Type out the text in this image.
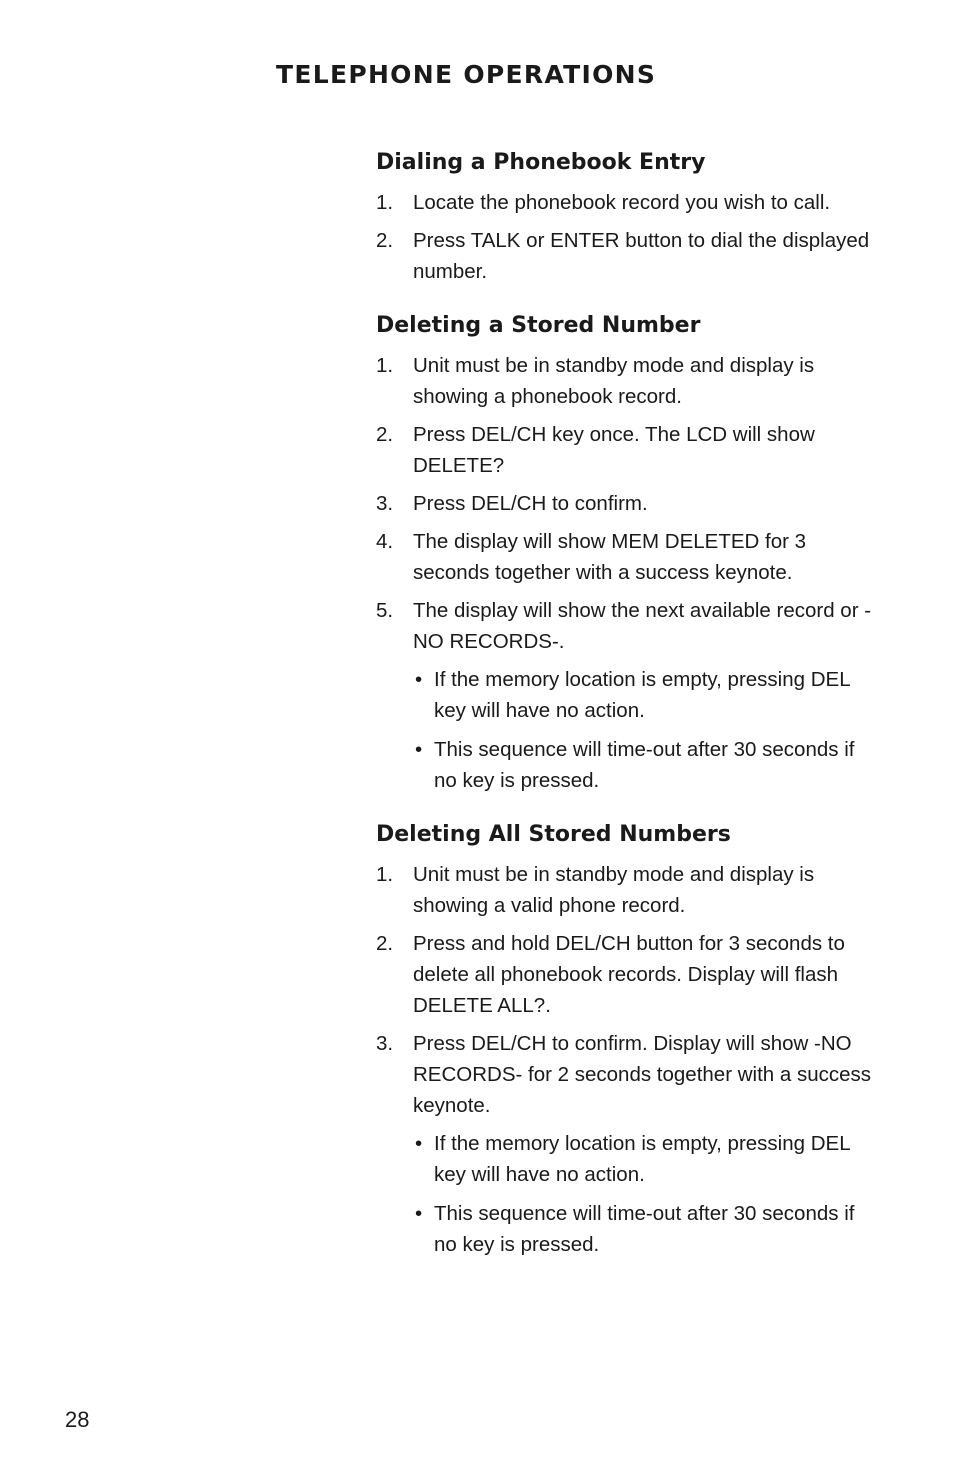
TELEPHONE OPERATIONS
Dialing a Phonebook Entry
1. Locate the phonebook record you wish to call.
2. Press TALK or ENTER button to dial the displayed number.
Deleting a Stored Number
1. Unit must be in standby mode and display is showing a phonebook record.
2. Press DEL/CH key once. The LCD will show DELETE?
3. Press DEL/CH to confirm.
4. The display will show MEM DELETED for 3 seconds together with a success keynote.
5. The display will show the next available record or -NO RECORDS-.
• If the memory location is empty, pressing DEL key will have no action.
• This sequence will time-out after 30 seconds if no key is pressed.
Deleting All Stored Numbers
1. Unit must be in standby mode and display is showing a valid phone record.
2. Press and hold DEL/CH button for 3 seconds to delete all phonebook records. Display will flash DELETE ALL?.
3. Press DEL/CH to confirm. Display will show -NO RECORDS- for 2 seconds together with a success keynote.
• If the memory location is empty, pressing DEL key will have no action.
• This sequence will time-out after 30 seconds if no key is pressed.
28
